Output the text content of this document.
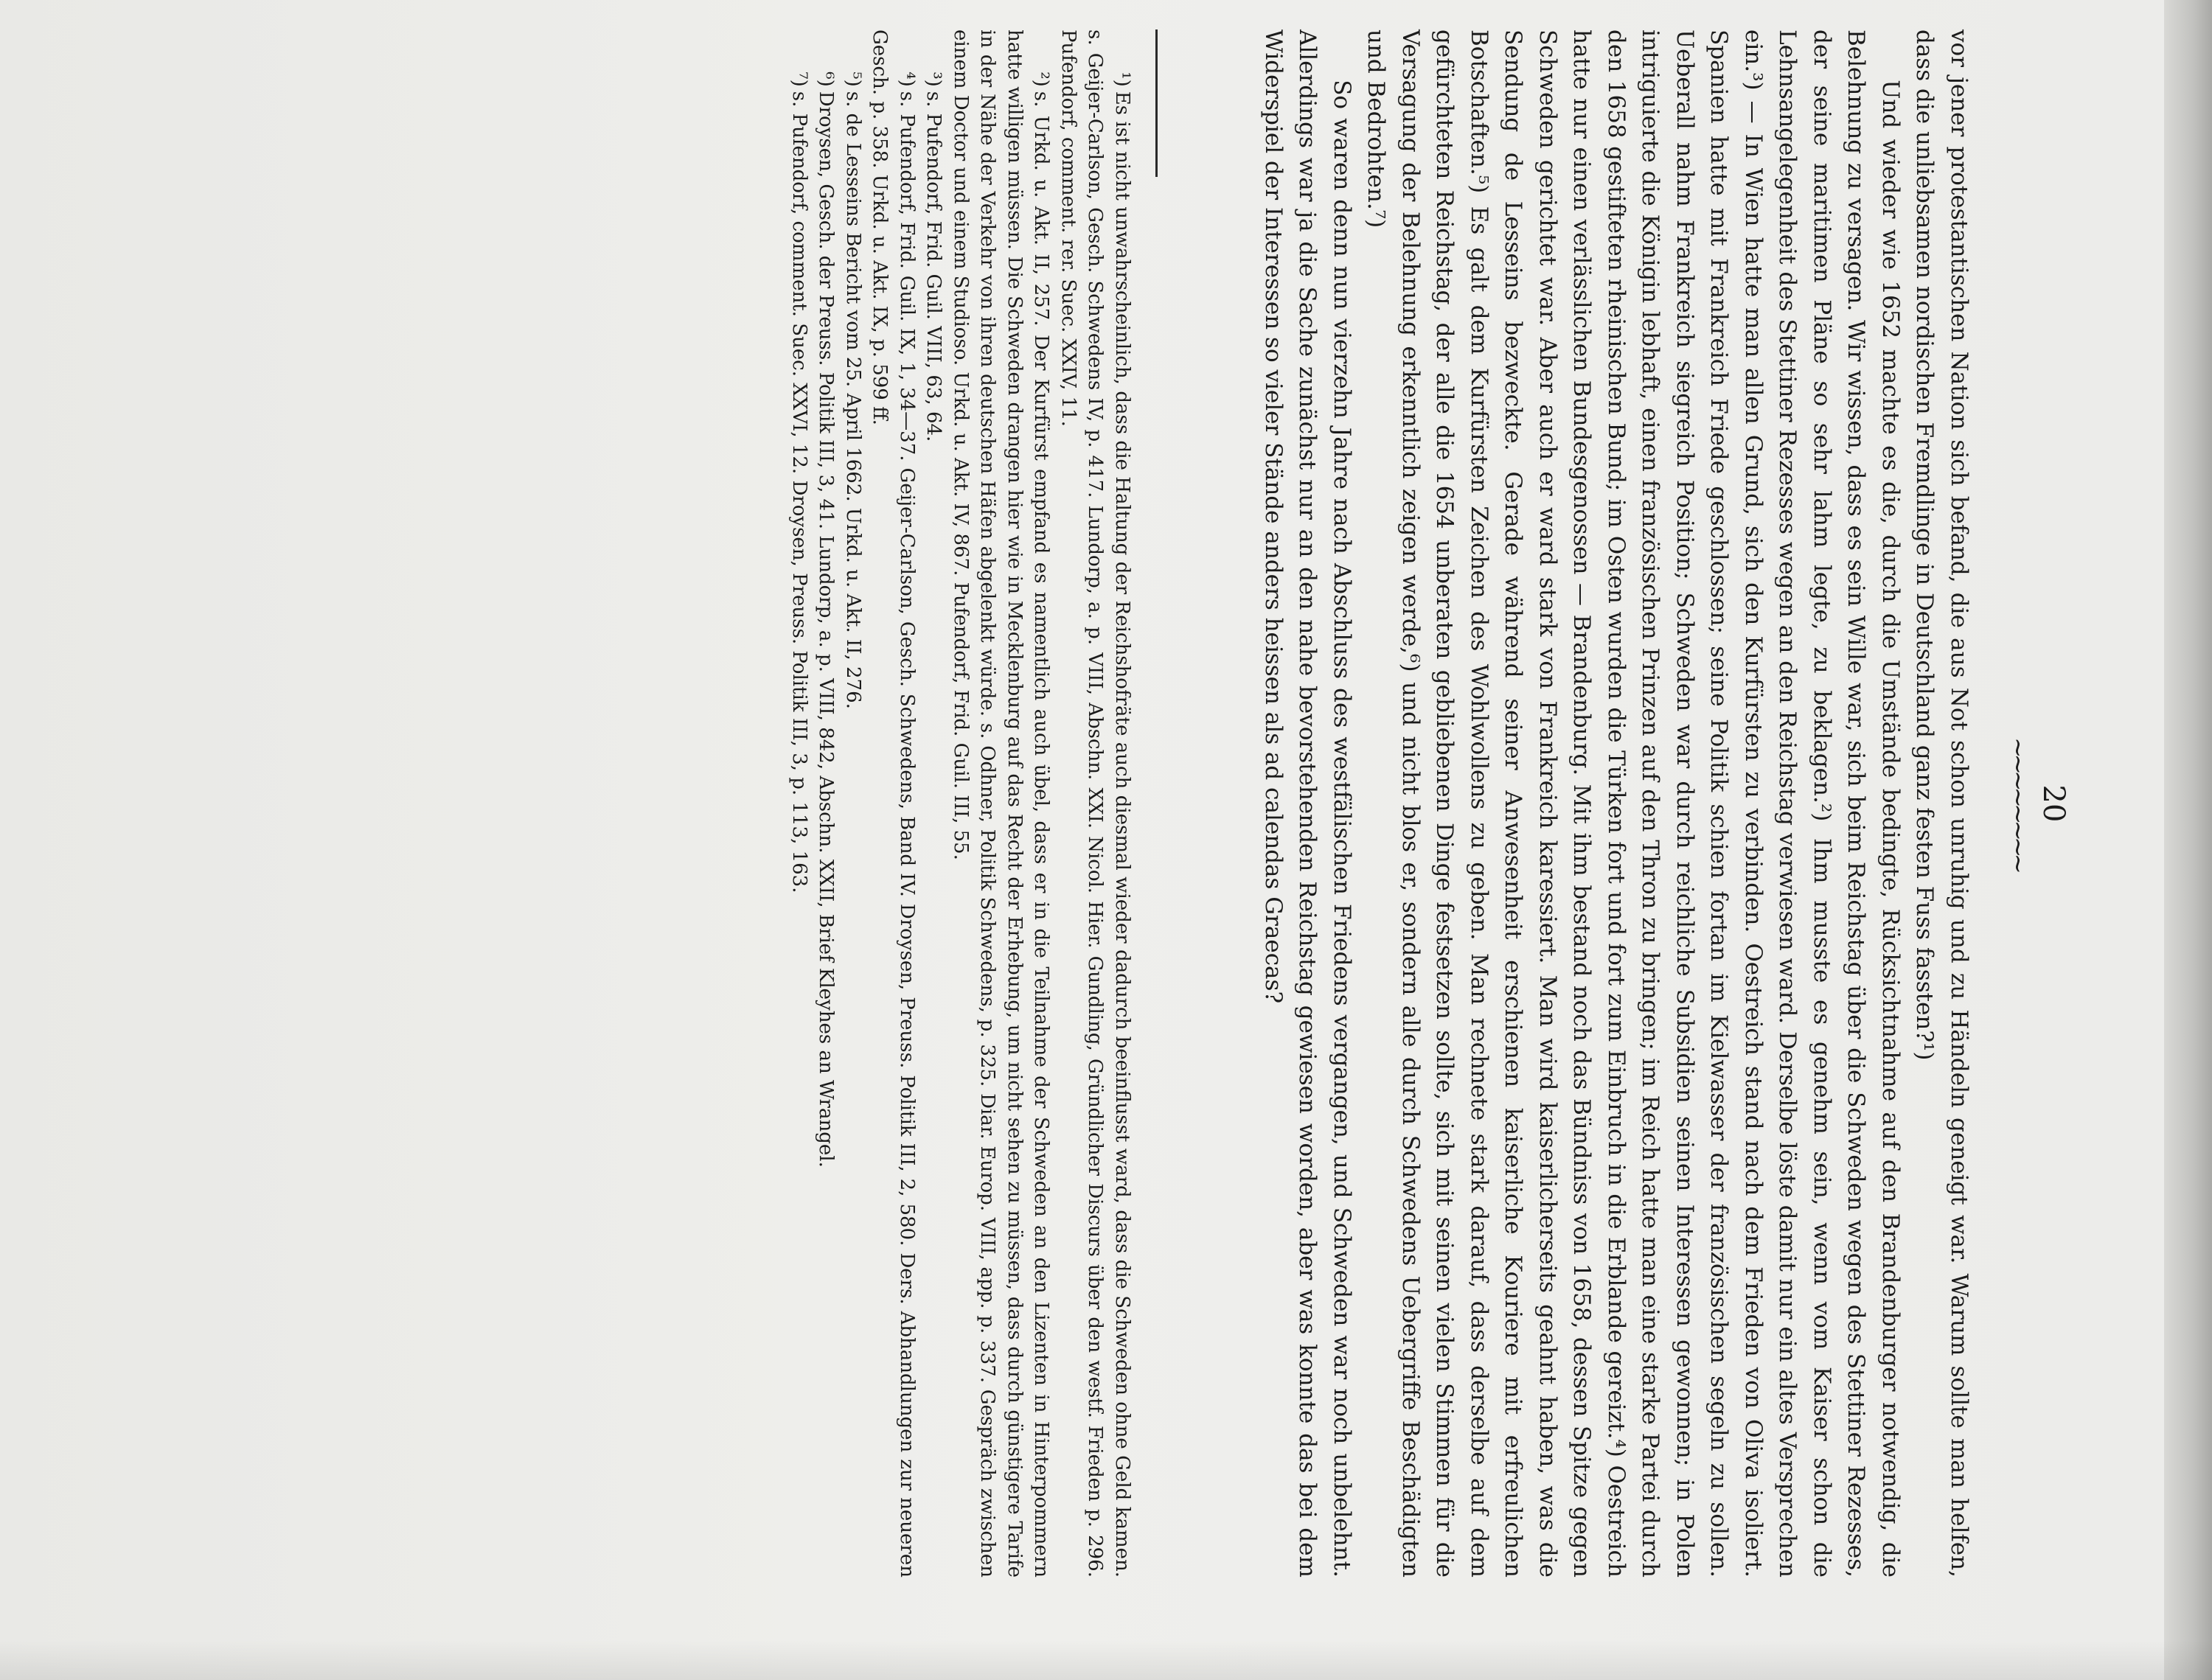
20
~~~~~~~~

vor jener protestantischen Nation sich befand, die aus Not schon unruhig und zu Händeln geneigt war. Warum sollte man helfen, dass die unliebsamen nordischen Fremdlinge in Deutschland ganz festen Fuss fassten?¹)

Und wieder wie 1652 machte es die, durch die Umstände bedingte, Rücksichtnahme auf den Brandenburger notwendig, die Belehnung zu versagen. Wir wissen, dass es sein Wille war, sich beim Reichstag über die Schweden wegen des Stettiner Rezesses, der seine maritimen Pläne so sehr lahm legte, zu beklagen.²) Ihm musste es genehm sein, wenn vom Kaiser schon die Lehnsangelegenheit des Stettiner Rezesses wegen an den Reichstag verwiesen ward. Derselbe löste damit nur ein altes Versprechen ein.³) — In Wien hatte man allen Grund, sich den Kurfürsten zu verbinden. Oestreich stand nach dem Frieden von Oliva isoliert. Spanien hatte mit Frankreich Friede geschlossen; seine Politik schien fortan im Kielwasser der französischen segeln zu sollen. Ueberall nahm Frankreich siegreich Position; Schweden war durch reichliche Subsidien seinen Interessen gewonnen; in Polen intriguierte die Königin lebhaft, einen französischen Prinzen auf den Thron zu bringen; im Reich hatte man eine starke Partei durch den 1658 gestifteten rheinischen Bund; im Osten wurden die Türken fort und fort zum Einbruch in die Erblande gereizt.⁴) Oestreich hatte nur einen verlässlichen Bundesgenossen — Brandenburg. Mit ihm bestand noch das Bündniss von 1658, dessen Spitze gegen Schweden gerichtet war. Aber auch er ward stark von Frankreich karessiert. Man wird kaiserlicherseits geahnt haben, was die Sendung de Lesseins bezweckte. Gerade während seiner Anwesenheit erschienen kaiserliche Kouriere mit erfreulichen Botschaften.⁵) Es galt dem Kurfürsten Zeichen des Wohlwollens zu geben. Man rechnete stark darauf, dass derselbe auf dem gefürchteten Reichstag, der alle die 1654 unberaten gebliebenen Dinge festsetzen sollte, sich mit seinen vielen Stimmen für die Versagung der Belehnung erkenntlich zeigen werde,⁶) und nicht blos er, sondern alle durch Schwedens Uebergriffe Beschädigten und Bedrohten.⁷)

So waren denn nun vierzehn Jahre nach Abschluss des westfälischen Friedens vergangen, und Schweden war noch unbelehnt. Allerdings war ja die Sache zunächst nur an den nahe bevorstehenden Reichstag gewiesen worden, aber was konnte das bei dem Widerspiel der Interessen so vieler Stände anders heissen als ad calendas Graecas?

¹)Es ist nicht unwahrscheinlich, dass die Haltung der Reichshofräte auch diesmal wieder dadurch beeinflusst ward, dass die Schweden ohne Geld kamen. s. Geijer-Carlson, Gesch. Schwedens IV, p. 417. Lundorp, a. p. VIII, Abschn. XXI. Nicol. Hier. Gundling, Gründlicher Discurs über den westf. Frieden p. 296. Pufendorf, comment. rer. Suec. XXIV, 11.

²)s. Urkd. u. Akt. II, 257. Der Kurfürst empfand es namentlich auch übel, dass er in die Teilnahme der Schweden an den Lizenten in Hinterpommern hatte willigen müssen. Die Schweden drangen hier wie in Mecklenburg auf das Recht der Erhebung, um nicht sehen zu müssen, dass durch günstigere Tarife in der Nähe der Verkehr von ihren deutschen Häfen abgelenkt würde. s. Odhner, Politik Schwedens, p. 325. Diar. Europ. VIII, app. p. 337. Gespräch zwischen einem Doctor und einem Studioso. Urkd. u. Akt. IV, 867. Pufendorf, Frid. Guil. III, 55.

³)s. Pufendorf, Frid. Guil. VIII, 63, 64.

⁴)s. Pufendorf, Frid. Guil. IX, 1, 34—37. Geijer-Carlson, Gesch. Schwedens, Band IV. Droysen, Preuss. Politik III, 2, 580. Ders. Abhandlungen zur neueren Gesch. p. 358. Urkd. u. Akt. IX, p. 599 ff.

⁵)s. de Lesseins Bericht vom 25. April 1662. Urkd. u. Akt. II, 276.

⁶)Droysen, Gesch. der Preuss. Politik III, 3, 41. Lundorp, a. p. VIII, 842, Abschn. XXII, Brief Kleyhes an Wrangel.

⁷)s. Pufendorf, comment. Suec. XXVI, 12. Droysen, Preuss. Politik III, 3, p. 113, 163.
